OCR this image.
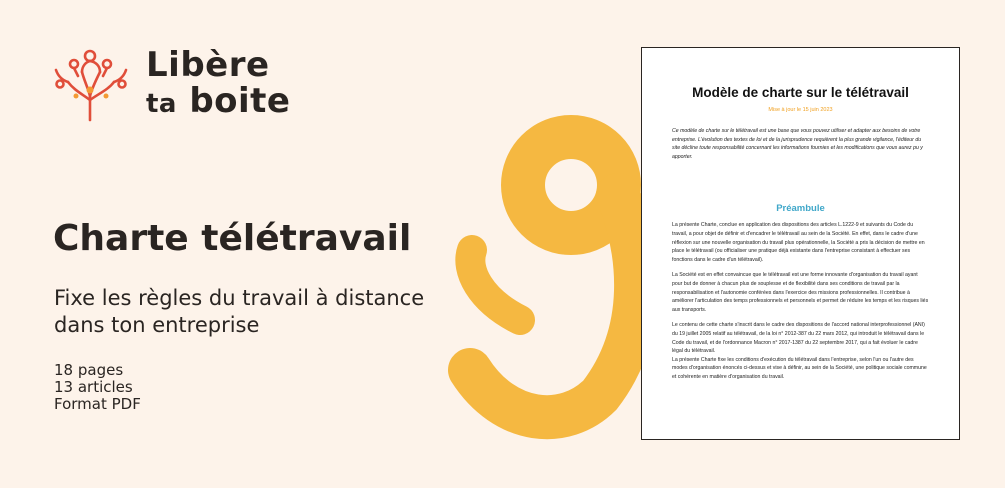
Libère
ta boite
Charte télétravail

Fixe les règles du travail à distance dans ton entreprise

18 pages
13 articles
Format PDF
Modèle de charte sur le télétravail
Mise à jour le 15 juin 2023
Ce modèle de charte sur le télétravail est une base que vous pouvez utiliser et adapter aux besoins de votre entreprise. L'évolution des textes de loi et de la jurisprudence requièrent la plus grande vigilance, l'éditeur du site décline toute responsabilité concernant les informations fournies et les modifications que vous aurez pu y apporter.
Préambule
La présente Charte, conclue en application des dispositions des articles L.1222-9 et suivants du Code du travail, a pour objet de définir et d'encadrer le télétravail au sein de la Société. En effet, dans le cadre d'une réflexion sur une nouvelle organisation du travail plus opérationnelle, la Société a pris la décision de mettre en place le télétravail (ou officialiser une pratique déjà existante dans l'entreprise consistant à effectuer ses fonctions dans le cadre d'un télétravail).
La Société est en effet convaincue que le télétravail est une forme innovante d'organisation du travail ayant pour but de donner à chacun plus de souplesse et de flexibilité dans ses conditions de travail par la responsabilisation et l'autonomie conférées dans l'exercice des missions professionnelles. Il contribue à améliorer l'articulation des temps professionnels et personnels et permet de réduire les temps et les risques liés aux transports.
Le contenu de cette charte s'inscrit dans le cadre des dispositions de l'accord national interprofessionnel (ANI) du 19 juillet 2005 relatif au télétravail, de la loi n° 2012-387 du 22 mars 2012, qui introduit le télétravail dans le Code du travail, et de l'ordonnance Macron n° 2017-1387 du 22 septembre 2017, qui a fait évoluer le cadre légal du télétravail.
La présente Charte fixe les conditions d'exécution du télétravail dans l'entreprise, selon l'un ou l'autre des modes d'organisation énoncés ci-dessus et vise à définir, au sein de la Société, une politique sociale commune et cohérente en matière d'organisation du travail.
